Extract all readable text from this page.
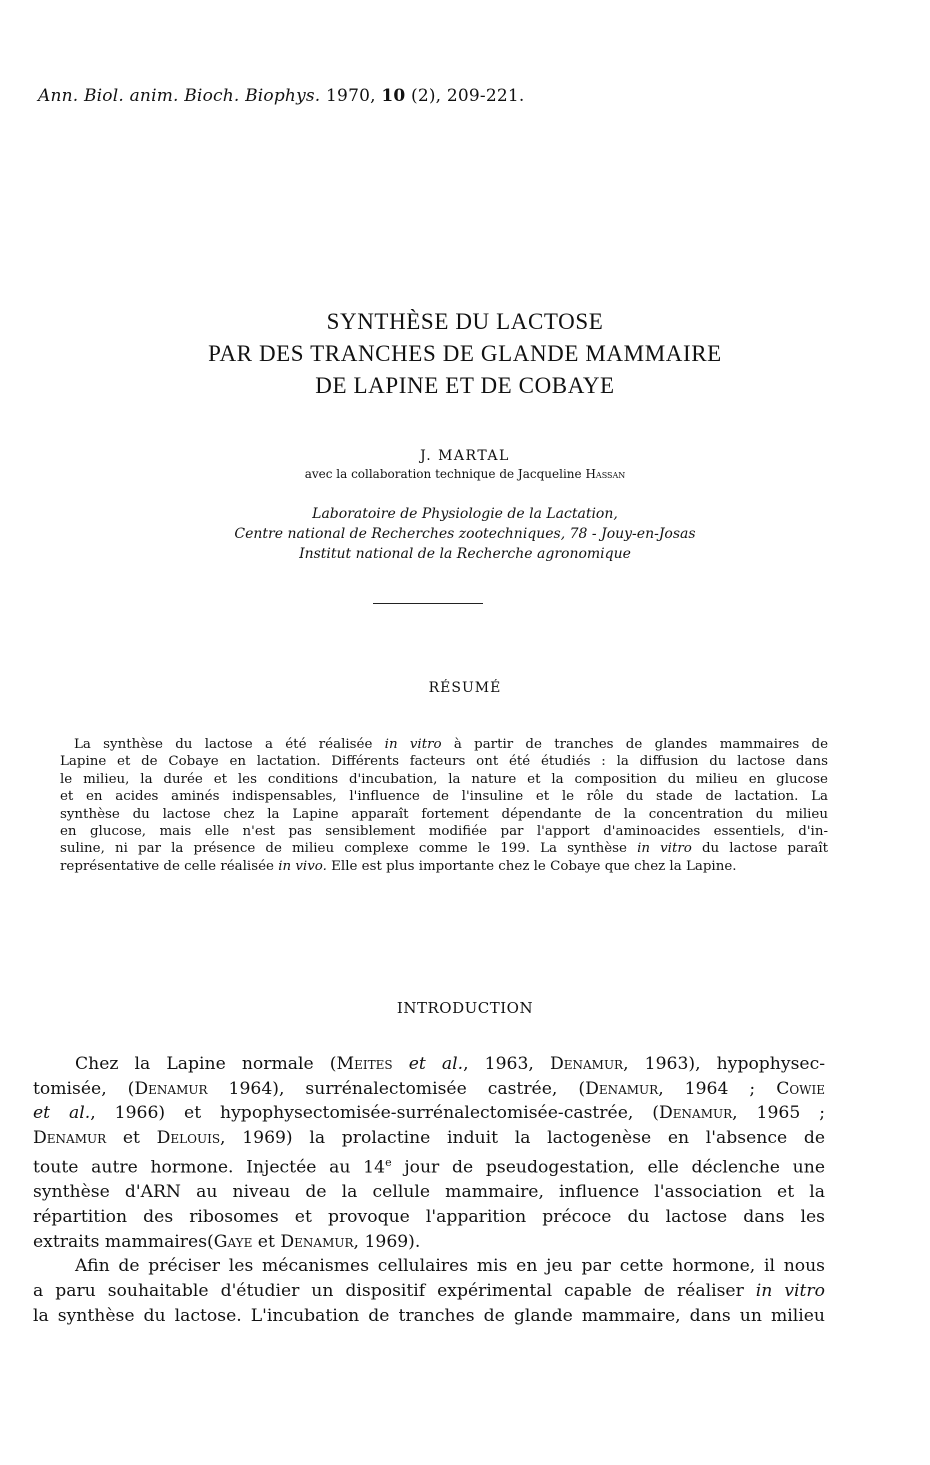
Ann. Biol. anim. Bioch. Biophys. 1970, 10 (2), 209-221.
SYNTHÈSE DU LACTOSE
PAR DES TRANCHES DE GLANDE MAMMAIRE
DE LAPINE ET DE COBAYE
J. MARTAL
avec la collaboration technique de Jacqueline Hassan
Laboratoire de Physiologie de la Lactation,
Centre national de Recherches zootechniques, 78 - Jouy-en-Josas
Institut national de la Recherche agronomique
RÉSUMÉ
La synthèse du lactose a été réalisée in vitro à partir de tranches de glandes mammaires de
Lapine et de Cobaye en lactation. Différents facteurs ont été étudiés : la diffusion du lactose dans
le milieu, la durée et les conditions d'incubation, la nature et la composition du milieu en glucose
et en acides aminés indispensables, l'influence de l'insuline et le rôle du stade de lactation. La
synthèse du lactose chez la Lapine apparaît fortement dépendante de la concentration du milieu
en glucose, mais elle n'est pas sensiblement modifiée par l'apport d'aminoacides essentiels, d'in-
suline, ni par la présence de milieu complexe comme le 199. La synthèse in vitro du lactose paraît
représentative de celle réalisée in vivo. Elle est plus importante chez le Cobaye que chez la Lapine.
INTRODUCTION
Chez la Lapine normale (Meites et al., 1963, Denamur, 1963), hypophysec-
tomisée, (Denamur 1964), surrénalectomisée castrée, (Denamur, 1964 ; Cowie
et al., 1966) et hypophysectomisée-surrénalectomisée-castrée, (Denamur, 1965 ;
Denamur et Delouis, 1969) la prolactine induit la lactogenèse en l'absence de
toute autre hormone. Injectée au 14e jour de pseudogestation, elle déclenche une
synthèse d'ARN au niveau de la cellule mammaire, influence l'association et la
répartition des ribosomes et provoque l'apparition précoce du lactose dans les
extraits mammaires(Gaye et Denamur, 1969).
Afin de préciser les mécanismes cellulaires mis en jeu par cette hormone, il nous
a paru souhaitable d'étudier un dispositif expérimental capable de réaliser in vitro
la synthèse du lactose. L'incubation de tranches de glande mammaire, dans un milieu
